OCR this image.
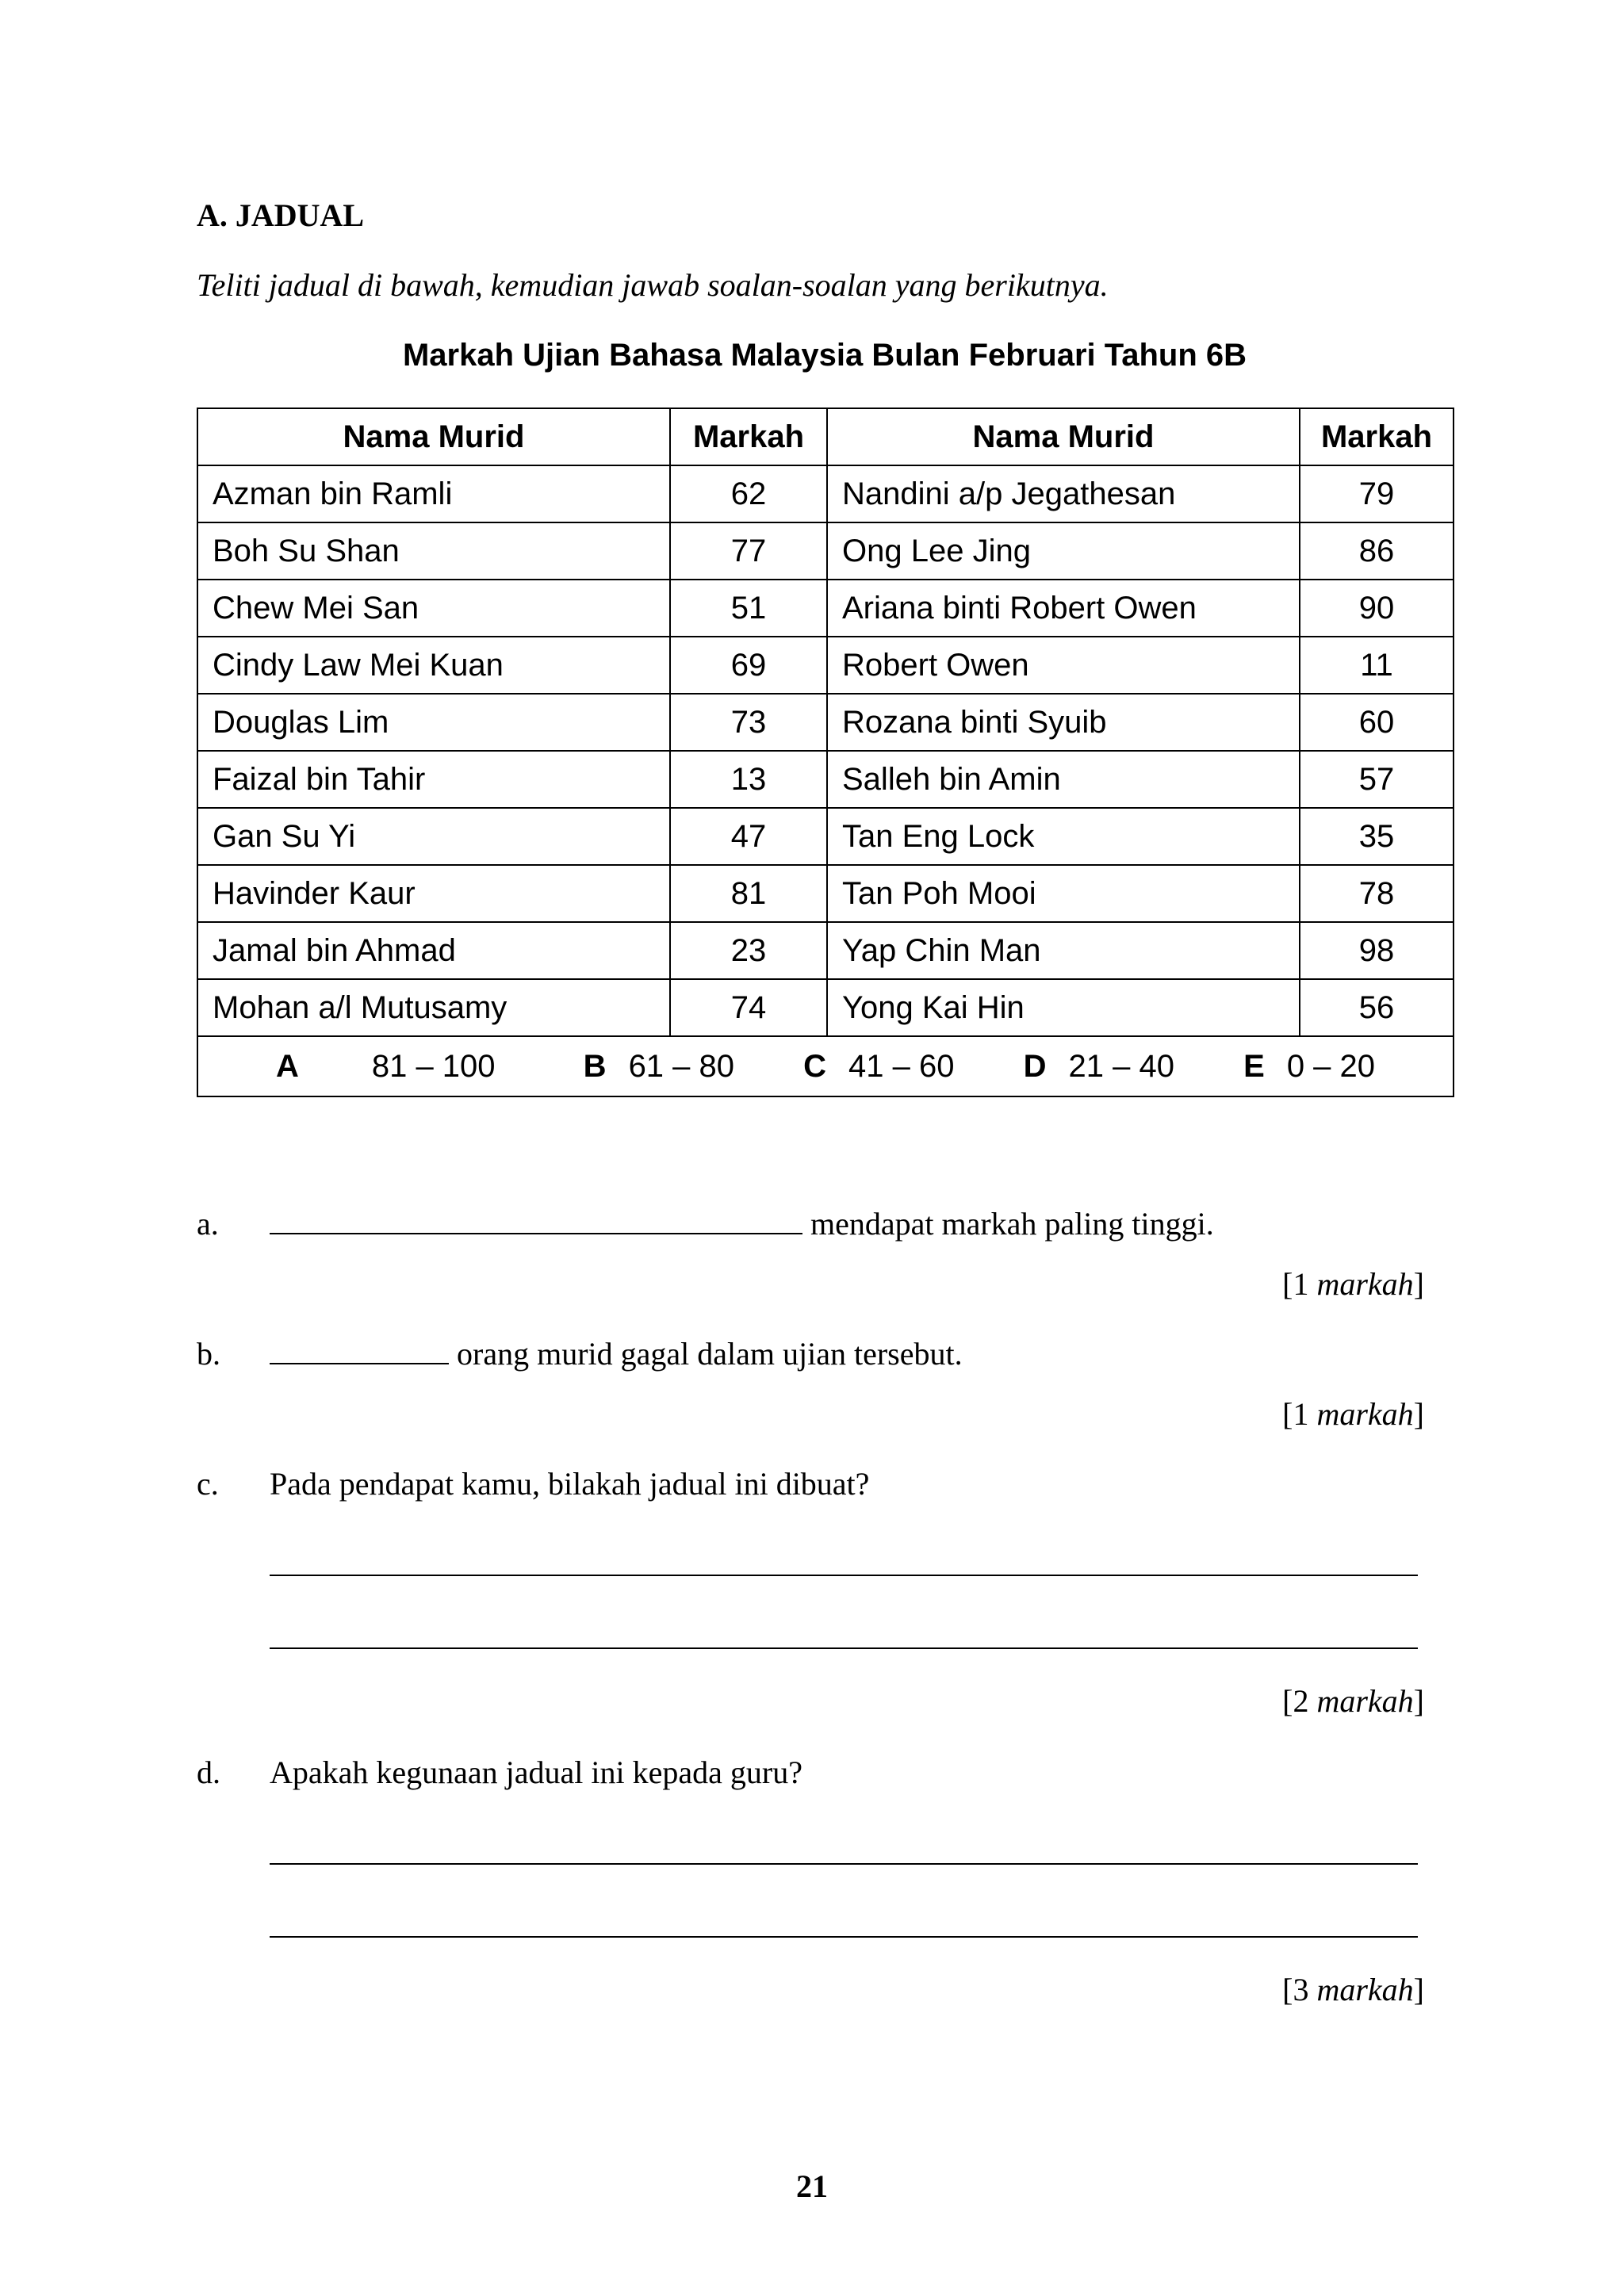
A. JADUAL
Teliti jadual di bawah, kemudian jawab soalan-soalan yang berikutnya.
Markah Ujian Bahasa Malaysia Bulan Februari Tahun 6B
Nama Murid	Markah	Nama Murid	Markah
Azman bin Ramli	62	Nandini a/p Jegathesan	79
Boh Su Shan	77	Ong Lee Jing	86
Chew Mei San	51	Ariana binti Robert Owen	90
Cindy Law Mei Kuan	69	Robert Owen	11
Douglas Lim	73	Rozana binti Syuib	60
Faizal bin Tahir	13	Salleh bin Amin	57
Gan Su Yi	47	Tan Eng Lock	35
Havinder Kaur	81	Tan Poh Mooi	78
Jamal bin Ahmad	23	Yap Chin Man	98
Mohan a/l Mutusamy	74	Yong Kai Hin	56
A 81 – 100 B 61 – 80 C 41 – 60 D 21 – 40 E 0 – 20			
a.	mendapat markah paling tinggi.
[1 markah]
b.	orang murid gagal dalam ujian tersebut.
[1 markah]
c. Pada pendapat kamu, bilakah jadual ini dibuat?
[2 markah]
d. Apakah kegunaan jadual ini kepada guru?
[3 markah]
21
